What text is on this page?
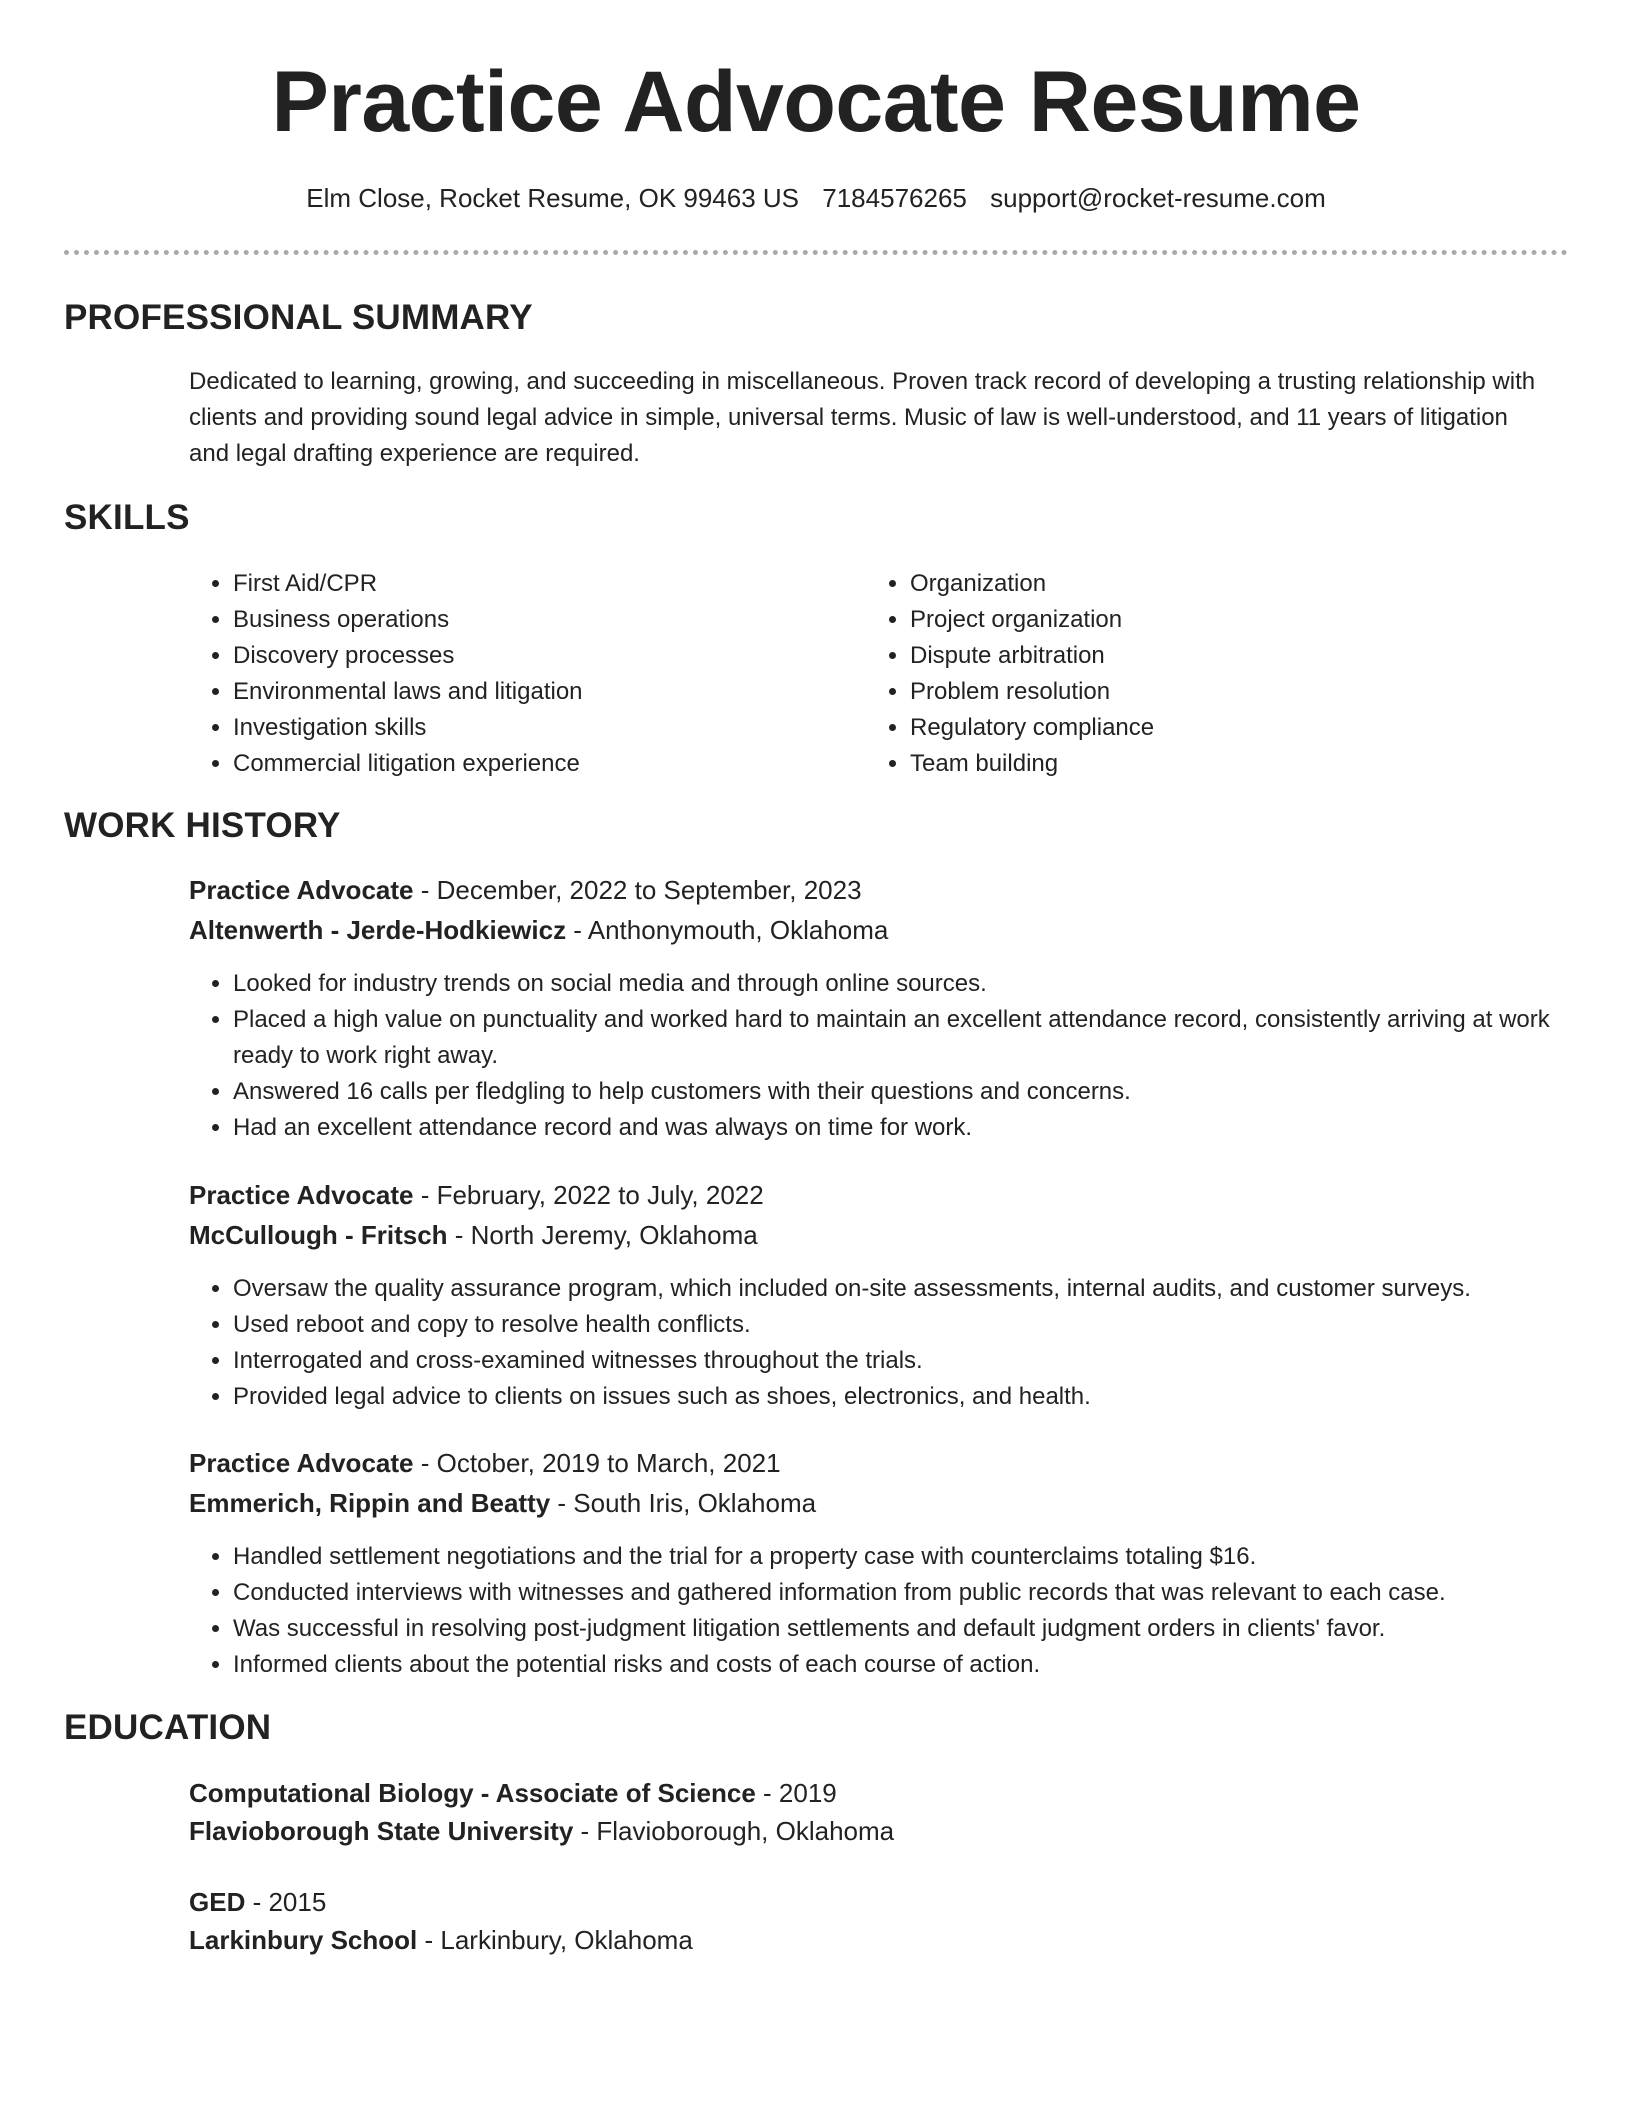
Practice Advocate Resume
Elm Close, Rocket Resume, OK 99463 US 7184576265 support@rocket-resume.com
PROFESSIONAL SUMMARY

Dedicated to learning, growing, and succeeding in miscellaneous. Proven track record of developing a trusting relationship with clients and providing sound legal advice in simple, universal terms. Music of law is well-understood, and 11 years of litigation and legal drafting experience are required.

SKILLS
• First Aid/CPR
• Business operations
• Discovery processes
• Environmental laws and litigation
• Investigation skills
• Commercial litigation experience
• Organization
• Project organization
• Dispute arbitration
• Problem resolution
• Regulatory compliance
• Team building
WORK HISTORY
Practice Advocate - December, 2022 to September, 2023
Altenwerth - Jerde-Hodkiewicz - Anthonymouth, Oklahoma
• Looked for industry trends on social media and through online sources.
• Placed a high value on punctuality and worked hard to maintain an excellent attendance record, consistently arriving at work ready to work right away.
• Answered 16 calls per fledgling to help customers with their questions and concerns.
• Had an excellent attendance record and was always on time for work.
Practice Advocate - February, 2022 to July, 2022
McCullough - Fritsch - North Jeremy, Oklahoma
• Oversaw the quality assurance program, which included on-site assessments, internal audits, and customer surveys.
• Used reboot and copy to resolve health conflicts.
• Interrogated and cross-examined witnesses throughout the trials.
• Provided legal advice to clients on issues such as shoes, electronics, and health.
Practice Advocate - October, 2019 to March, 2021
Emmerich, Rippin and Beatty - South Iris, Oklahoma
• Handled settlement negotiations and the trial for a property case with counterclaims totaling $16.
• Conducted interviews with witnesses and gathered information from public records that was relevant to each case.
• Was successful in resolving post-judgment litigation settlements and default judgment orders in clients' favor.
• Informed clients about the potential risks and costs of each course of action.
EDUCATION
Computational Biology - Associate of Science - 2019
Flavioborough State University - Flavioborough, Oklahoma
GED - 2015
Larkinbury School - Larkinbury, Oklahoma
